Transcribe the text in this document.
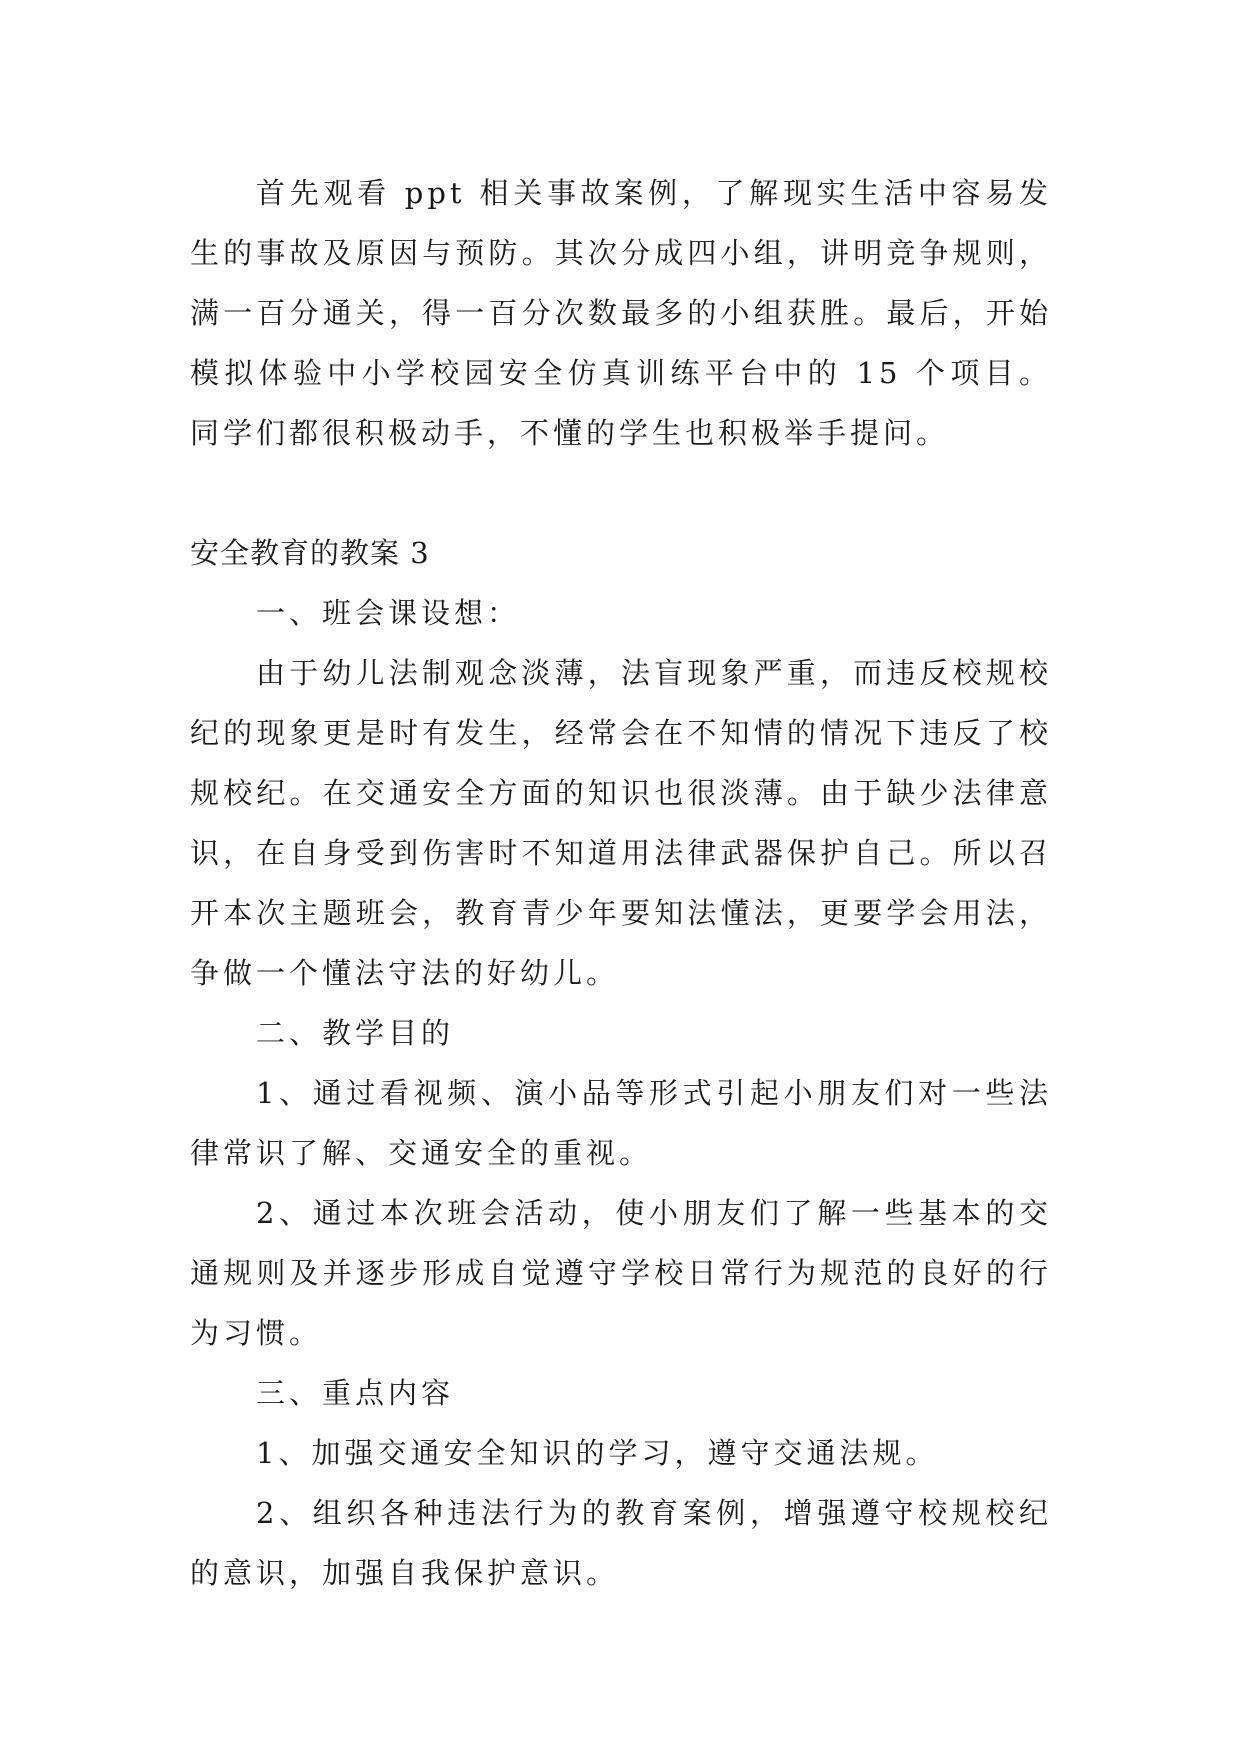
首先观看 ppt 相关事故案例，了解现实生活中容易发生的事故及原因与预防。其次分成四小组，讲明竞争规则，满一百分通关，得一百分次数最多的小组获胜。最后，开始模拟体验中小学校园安全仿真训练平台中的 15 个项目。同学们都很积极动手，不懂的学生也积极举手提问。

安全教育的教案 3

一、班会课设想：

由于幼儿法制观念淡薄，法盲现象严重，而违反校规校纪的现象更是时有发生，经常会在不知情的情况下违反了校规校纪。在交通安全方面的知识也很淡薄。由于缺少法律意识，在自身受到伤害时不知道用法律武器保护自己。所以召开本次主题班会，教育青少年要知法懂法，更要学会用法，争做一个懂法守法的好幼儿。

二、教学目的

1、通过看视频、演小品等形式引起小朋友们对一些法律常识了解、交通安全的重视。

2、通过本次班会活动，使小朋友们了解一些基本的交通规则及并逐步形成自觉遵守学校日常行为规范的良好的行为习惯。

三、重点内容

1、加强交通安全知识的学习，遵守交通法规。

2、组织各种违法行为的教育案例，增强遵守校规校纪的意识，加强自我保护意识。
